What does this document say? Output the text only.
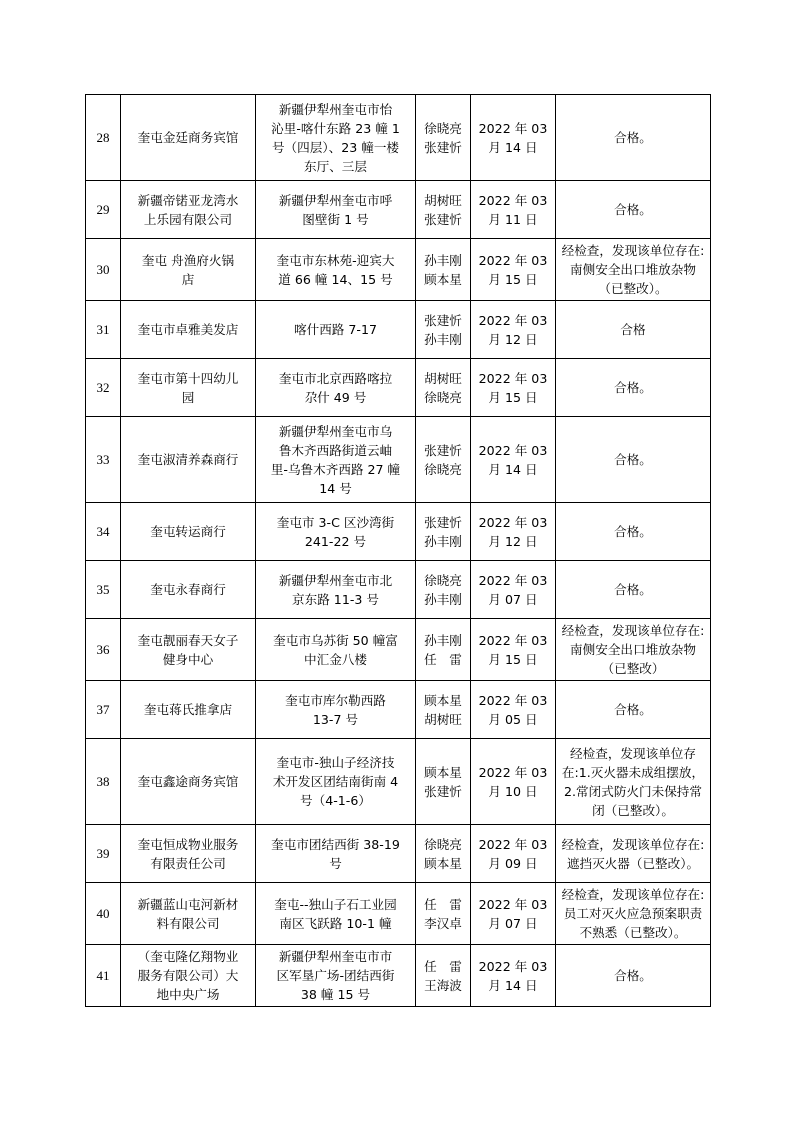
28	奎屯金廷商务宾馆	新疆伊犁州奎屯市怡
沁里-喀什东路 23 幢 1
号（四层）、23 幢一楼
东厅、三层	徐晓亮
张建忻	2022 年 03
月 14 日	合格。

29	新疆帝锘亚龙湾水
上乐园有限公司	新疆伊犁州奎屯市呼
图壁街 1 号	胡树旺
张建忻	2022 年 03
月 11 日	合格。

30	奎屯 舟渔府火锅
店	奎屯市东林苑-迎宾大
道 66 幢 14、15 号	孙丰刚
顾本星	2022 年 03
月 15 日	经检查，发现该单位存在:
南侧安全出口堆放杂物
（已整改）。

31	奎屯市卓雅美发店	喀什西路 7-17	张建忻
孙丰刚	2022 年 03
月 12 日	合格

32	奎屯市第十四幼儿
园	奎屯市北京西路喀拉
尕什 49 号	胡树旺
徐晓亮	2022 年 03
月 15 日	合格。

33	奎屯淑清养森商行	新疆伊犁州奎屯市乌
鲁木齐西路街道云岫
里-乌鲁木齐西路 27 幢
14 号	张建忻
徐晓亮	2022 年 03
月 14 日	合格。

34	奎屯转运商行	奎屯市 3-C 区沙湾街
241-22 号	张建忻
孙丰刚	2022 年 03
月 12 日	合格。

35	奎屯永春商行	新疆伊犁州奎屯市北
京东路 11-3 号	徐晓亮
孙丰刚	2022 年 03
月 07 日	合格。

36	奎屯靓丽春天女子
健身中心	奎屯市乌苏街 50 幢富
中汇金八楼	孙丰刚
任　雷	2022 年 03
月 15 日	经检查，发现该单位存在:
南侧安全出口堆放杂物
（已整改）

37	奎屯蒋氏推拿店	奎屯市库尔勒西路
13-7 号	顾本星
胡树旺	2022 年 03
月 05 日	合格。

38	奎屯鑫途商务宾馆	奎屯市-独山子经济技
术开发区团结南街南 4
号（4-1-6）	顾本星
张建忻	2022 年 03
月 10 日	经检查，发现该单位存
在:1.灭火器未成组摆放，
2.常闭式防火门未保持常
闭（已整改）。

39	奎屯恒成物业服务
有限责任公司	奎屯市团结西街 38-19
号	徐晓亮
顾本星	2022 年 03
月 09 日	经检查，发现该单位存在:
遮挡灭火器（已整改）。

40	新疆蓝山屯河新材
料有限公司	奎屯--独山子石工业园
南区飞跃路 10-1 幢	任　雷
李汉卓	2022 年 03
月 07 日	经检查，发现该单位存在:
员工对灭火应急预案职责
不熟悉（已整改）。

41	（奎屯隆亿翔物业
服务有限公司）大
地中央广场	新疆伊犁州奎屯市市
区军垦广场-团结西街
38 幢 15 号	任　雷
王海波	2022 年 03
月 14 日	合格。
